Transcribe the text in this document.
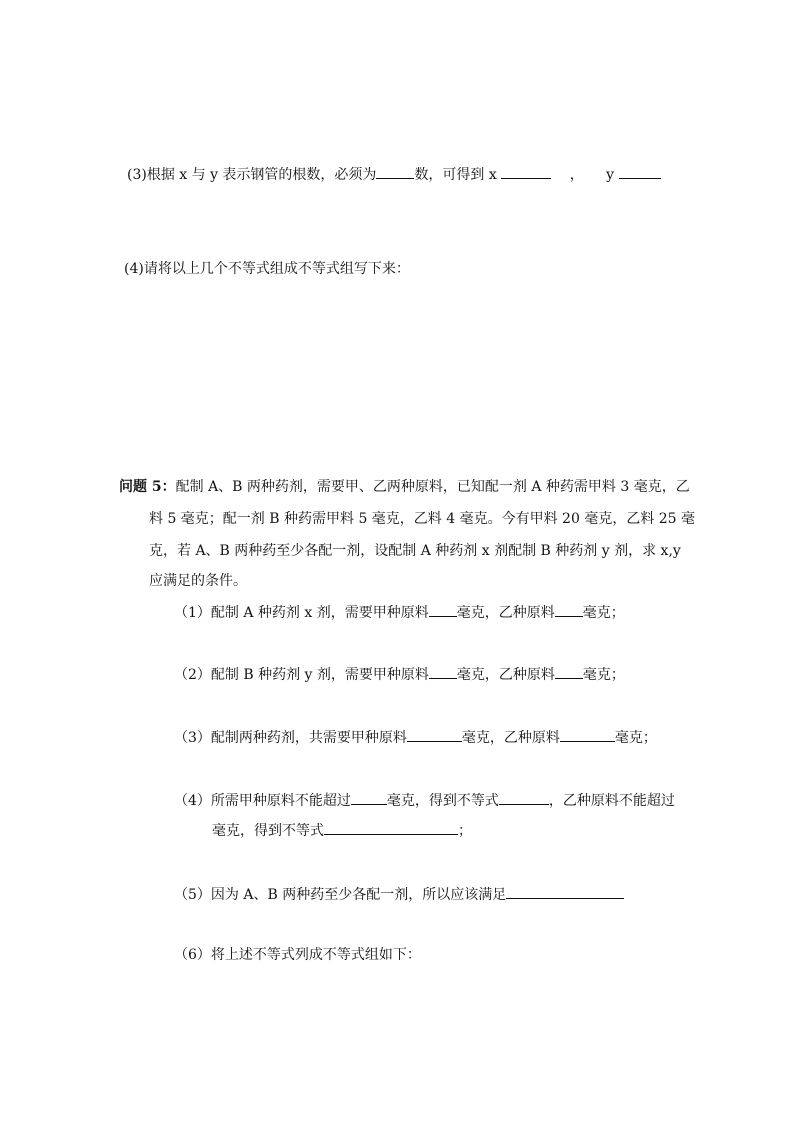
(3)根据 x 与 y 表示钢管的根数，必须为	数，可得到 x	， y
(4)请将以上几个不等式组成不等式组写下来：
问题 5：配制 A、B 两种药剂，需要甲、乙两种原料，已知配一剂 A 种药需甲料 3 毫克，乙
料 5 毫克；配一剂 B 种药需甲料 5 毫克，乙料 4 毫克。今有甲料 20 毫克，乙料 25 毫
克，若 A、B 两种药至少各配一剂，设配制 A 种药剂 x 剂配制 B 种药剂 y 剂，求 x,y
应满足的条件。
（1）配制 A 种药剂 x 剂，需要甲种原料 毫克，乙种原料 毫克；
（2）配制 B 种药剂 y 剂，需要甲种原料 毫克，乙种原料 毫克；
（3）配制两种药剂，共需要甲种原料	毫克，乙种原料	毫克；
（4）所需甲种原料不能超过	毫克，得到不等式	，乙种原料不能超过
毫克，得到不等式	；
（5）因为 A、B 两种药至少各配一剂，所以应该满足
（6）将上述不等式列成不等式组如下：
